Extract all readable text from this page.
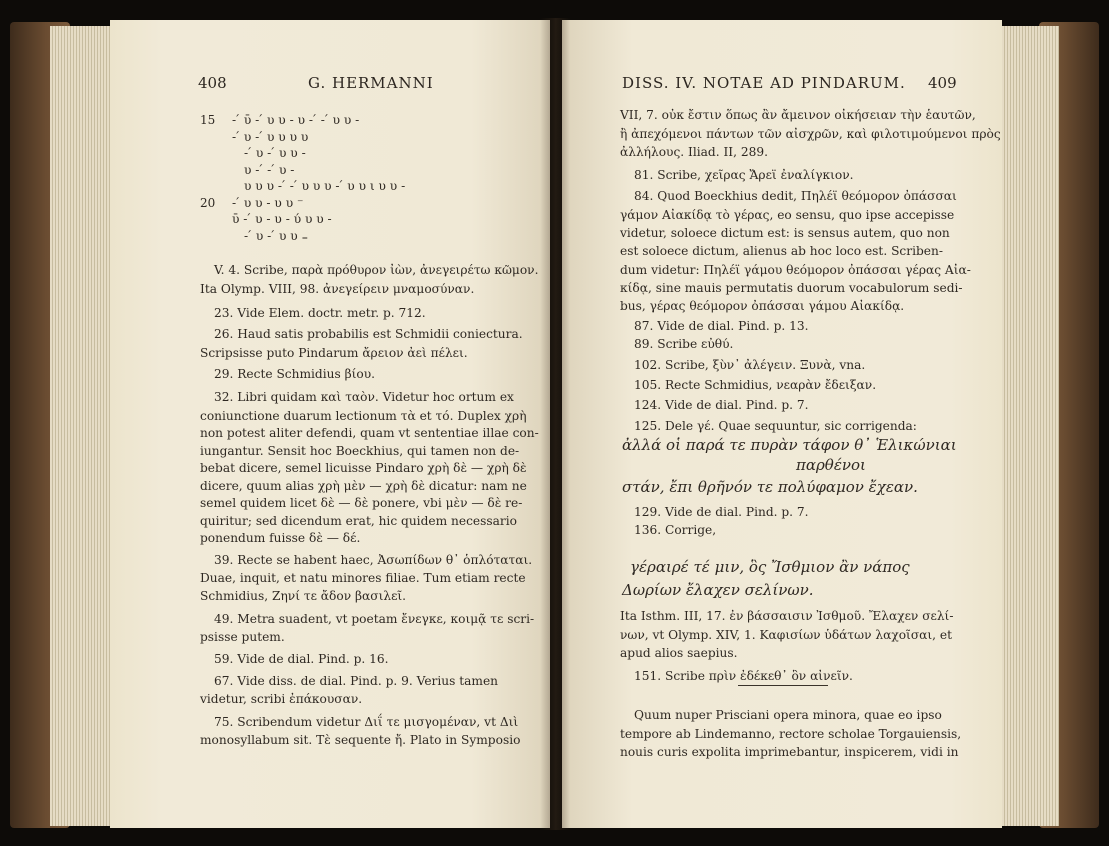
408	G. HERMANNI
15 - ́ ῡ - ́ υ υ - υ - ́ - ́ υ υ -
- ́ υ - ́ υ υ υ υ
- ́ υ - ́ υ υ -
υ - ́ - ́ υ -
υ υ υ - ́ - ́ υ υ υ - ́ υ υ ι υ υ -
20 - ́ υ υ - υ υ ⁻
ῡ - ́ υ - υ - ύ υ υ -
- ́ υ - ́ υ υ ₌
V. 4. Scribe, παρὰ πρόθυρον ἰὼν, ἀνεγειρέτω κῶμον.
Ita Olymp. VIII, 98. ἀνεγείρειν μναμοσύναν.
23. Vide Elem. doctr. metr. p. 712.
26. Haud satis probabilis est Schmidii coniectura.
Scripsisse puto Pindarum ἄρειον ἀεὶ πέλει.
29. Recte Schmidius βίου.
32. Libri quidam καὶ ταὸν. Videtur hoc ortum ex
coniunctione duarum lectionum τὰ et τό. Duplex χρὴ
non potest aliter defendi, quam vt sententiae illae con-
iungantur. Sensit hoc Boeckhius, qui tamen non de-
bebat dicere, semel licuisse Pindaro χρὴ δὲ — χρὴ δὲ
dicere, quum alias χρὴ μὲν — χρὴ δὲ dicatur: nam ne
semel quidem licet δὲ — δὲ ponere, vbi μὲν — δὲ re-
quiritur; sed dicendum erat, hic quidem necessario
ponendum fuisse δὲ — δέ.
39. Recte se habent haec, Ἀσωπίδων θ᾽ ὁπλόταται.
Duae, inquit, et natu minores filiae. Tum etiam recte
Schmidius, Ζηνί τε ἄδον βασιλεῖ.
49. Metra suadent, vt poetam ἔνεγκε, κοιμᾷ τε scri-
psisse putem.
59. Vide de dial. Pind. p. 16.
67. Vide diss. de dial. Pind. p. 9. Verius tamen
videtur, scribi ἐπάκουσαν.
75. Scribendum videtur Διΐ τε μισγομέναν, vt Διὶ
monosyllabum sit. Τὲ sequente ἤ. Plato in Symposio
DISS. IV. NOTAE AD PINDARUM. 409
VII, 7. οὐκ ἔστιν ὅπως ἂν ἄμεινον οἰκήσειαν τὴν ἑαυτῶν,
ἢ ἀπεχόμενοι πάντων τῶν αἰσχρῶν, καὶ φιλοτιμούμενοι πρὸς
ἀλλήλους. Iliad. II, 289.
81. Scribe, χεῖρας Ἄρεϊ ἐναλίγκιον.
84. Quod Boeckhius dedit, Πηλέϊ θεόμορον ὀπάσσαι
γάμον Αἰακίδᾳ τὸ γέρας, eo sensu, quo ipse accepisse
videtur, soloece dictum est: is sensus autem, quo non
est soloece dictum, alienus ab hoc loco est. Scriben-
dum videtur: Πηλέϊ γάμου θεόμορον ὀπάσσαι γέρας Αἰα-
κίδᾳ, sine mauis permutatis duorum vocabulorum sedi-
bus, γέρας θεόμορον ὀπάσσαι γάμου Αἰακίδᾳ.
87. Vide de dial. Pind. p. 13.
89. Scribe εὐθύ.
102. Scribe, ξὺν᾽ ἀλέγειν. Ξυνὰ, vna.
105. Recte Schmidius, νεαρὰν ἔδειξαν.
124. Vide de dial. Pind. p. 7.
125. Dele γέ. Quae sequuntur, sic corrigenda:
ἀλλά οἱ παρά τε πυρὰν τάφον θ᾽ Ἑλικώνιαι
παρθένοι
στάν, ἔπι θρῆνόν τε πολύφαμον ἔχεαν.
129. Vide de dial. Pind. p. 7.
136. Corrige,
γέραιρέ τέ μιν, ὃς Ἴσθμιον ἂν νάπος
Δωρίων ἔλαχεν σελίνων.
Ita Isthm. III, 17. ἐν βάσσαισιν Ἰσθμοῦ. Ἔλαχεν σελί-
νων, vt Olymp. XIV, 1. Καφισίων ὑδάτων λαχοῖσαι, et
apud alios saepius.
151. Scribe πρὶν ἐδέκεθ᾽ ὃν αἰνεῖν.
Quum nuper Prisciani opera minora, quae eo ipso
tempore ab Lindemanno, rectore scholae Torgauiensis,
nouis curis expolita imprimebantur, inspicerem, vidi in
